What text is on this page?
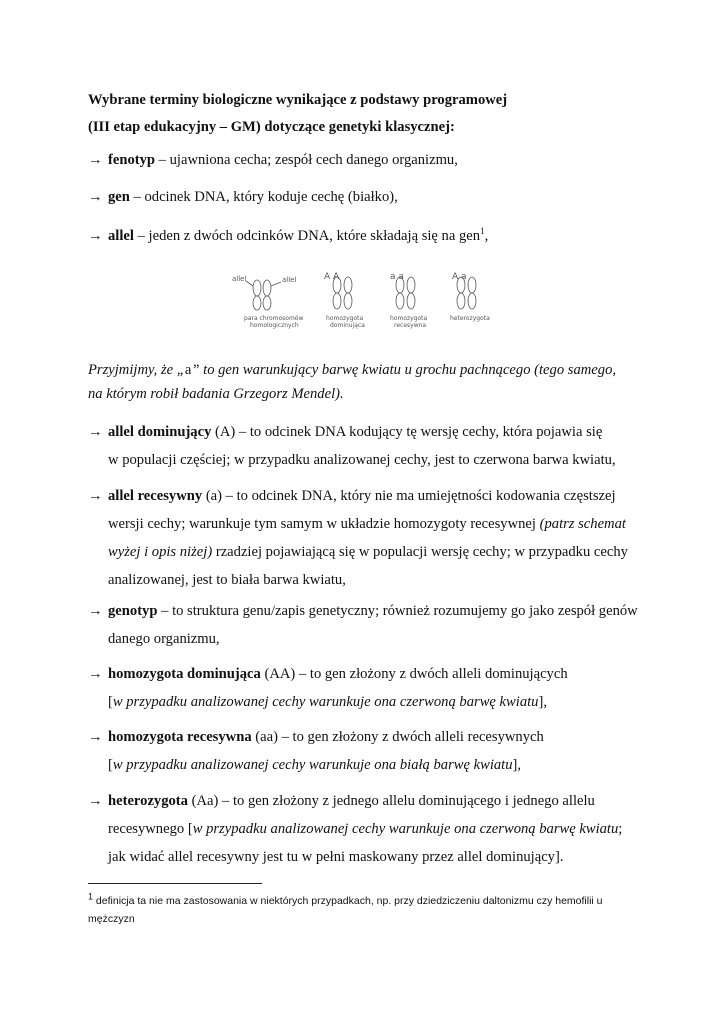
Wybrane terminy biologiczne wynikające z podstawy programowej
(III etap edukacyjny – GM) dotyczące genetyki klasycznej:
→ fenotyp – ujawniona cecha; zespół cech danego organizmu,
→ gen – odcinek DNA, który koduje cechę (białko),
→ allel – jeden z dwóch odcinków DNA, które składają się na gen$^1$,
allel	allel
para chromosomów
homologicznych
A A
homozygota
dominująca
a a
homozygota
recesywna
A a
heterozygota
Przyjmijmy, że „a” to gen warunkujący barwę kwiatu u grochu pachnącego (tego samego,
na którym robił badania Grzegorz Mendel).
→ allel dominujący (A) – to odcinek DNA kodujący tę wersję cechy, która pojawia się
w populacji częściej; w przypadku analizowanej cechy, jest to czerwona barwa kwiatu,
→ allel recesywny (a) – to odcinek DNA, który nie ma umiejętności kodowania częstszej
wersji cechy; warunkuje tym samym w układzie homozygoty recesywnej (patrz schemat
wyżej i opis niżej) rzadziej pojawiającą się w populacji wersję cechy; w przypadku cechy
analizowanej, jest to biała barwa kwiatu,
→ genotyp – to struktura genu/zapis genetyczny; również rozumujemy go jako zespół genów
danego organizmu,
→ homozygota dominująca (AA) – to gen złożony z dwóch alleli dominujących
[w przypadku analizowanej cechy warunkuje ona czerwoną barwę kwiatu],
→ homozygota recesywna (aa) – to gen złożony z dwóch alleli recesywnych
[w przypadku analizowanej cechy warunkuje ona białą barwę kwiatu],
→ heterozygota (Aa) – to gen złożony z jednego allelu dominującego i jednego allelu
recesywnego [w przypadku analizowanej cechy warunkuje ona czerwoną barwę kwiatu;
jak widać allel recesywny jest tu w pełni maskowany przez allel dominujący].
$^1$ definicja ta nie ma zastosowania w niektórych przypadkach, np. przy dziedziczeniu daltonizmu czy hemofilii u mężczyzn
